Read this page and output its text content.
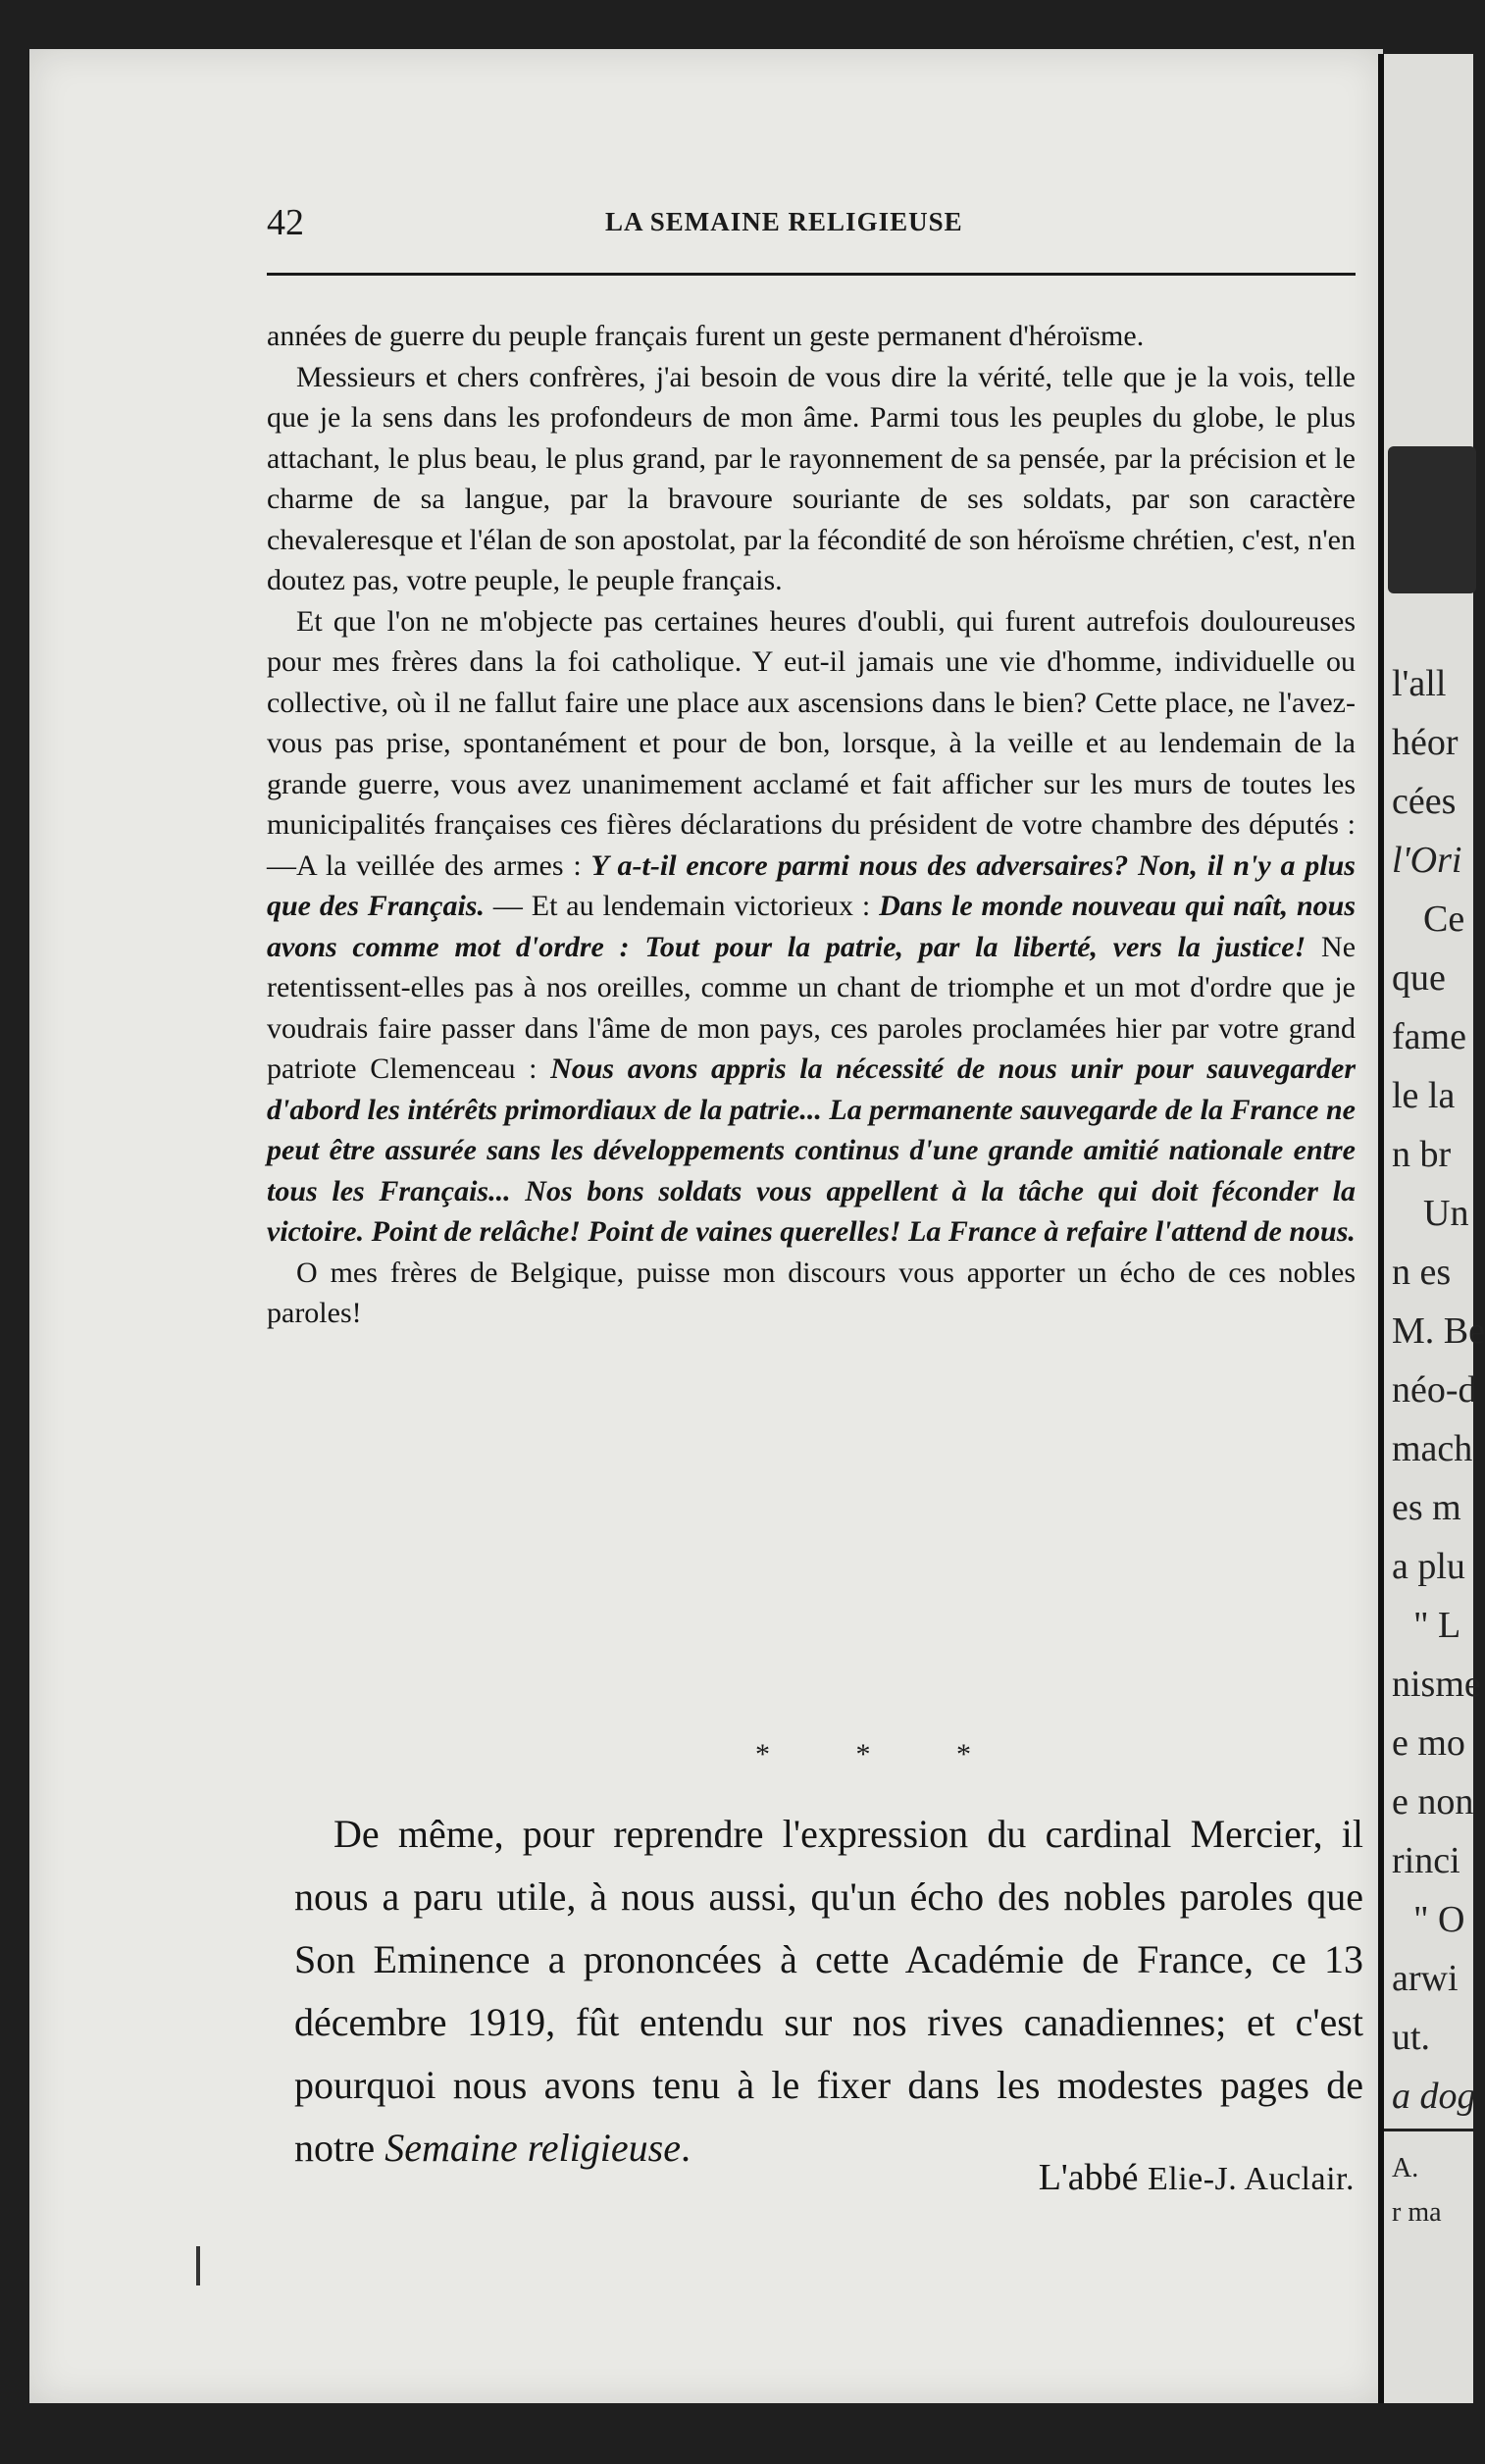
l'all
héor
cées
l'Ori
Ce
que
fame
le la
n br
Un
n es
M. Be
néo-d
mach
es m
a plu
" L
nisme
e mo
e non
rinci
" O
arwi
ut.
a dog
A.
r ma
42	LA SEMAINE RELIGIEUSE

années de guerre du peuple français furent un geste permanent d'héroïsme.

Messieurs et chers confrères, j'ai besoin de vous dire la vérité, telle que je la vois, telle que je la sens dans les profondeurs de mon âme. Parmi tous les peuples du globe, le plus attachant, le plus beau, le plus grand, par le rayonnement de sa pensée, par la précision et le charme de sa langue, par la bravoure souriante de ses soldats, par son caractère chevaleresque et l'élan de son apostolat, par la fécondité de son héroïsme chrétien, c'est, n'en doutez pas, votre peuple, le peuple français.

Et que l'on ne m'objecte pas certaines heures d'oubli, qui furent autrefois douloureuses pour mes frères dans la foi catholique. Y eut-il jamais une vie d'homme, individuelle ou collective, où il ne fallut faire une place aux ascensions dans le bien? Cette place, ne l'avez-vous pas prise, spontanément et pour de bon, lorsque, à la veille et au lendemain de la grande guerre, vous avez unanimement acclamé et fait afficher sur les murs de toutes les municipalités françaises ces fières déclarations du président de votre chambre des députés :—A la veillée des armes : Y a-t-il encore parmi nous des adversaires? Non, il n'y a plus que des Français. — Et au lendemain victorieux : Dans le monde nouveau qui naît, nous avons comme mot d'ordre : Tout pour la patrie, par la liberté, vers la justice! Ne retentissent-elles pas à nos oreilles, comme un chant de triomphe et un mot d'ordre que je voudrais faire passer dans l'âme de mon pays, ces paroles proclamées hier par votre grand patriote Clemenceau : Nous avons appris la nécessité de nous unir pour sauvegarder d'abord les intérêts primordiaux de la patrie... La permanente sauvegarde de la France ne peut être assurée sans les développements continus d'une grande amitié nationale entre tous les Français... Nos bons soldats vous appellent à la tâche qui doit féconder la victoire. Point de relâche! Point de vaines querelles! La France à refaire l'attend de nous.

O mes frères de Belgique, puisse mon discours vous apporter un écho de ces nobles paroles!

* * *

De même, pour reprendre l'expression du cardinal Mercier, il nous a paru utile, à nous aussi, qu'un écho des nobles paroles que Son Eminence a prononcées à cette Académie de France, ce 13 décembre 1919, fût entendu sur nos rives canadiennes; et c'est pourquoi nous avons tenu à le fixer dans les modestes pages de notre Semaine religieuse.

L'abbé Elie-J. Auclair.
